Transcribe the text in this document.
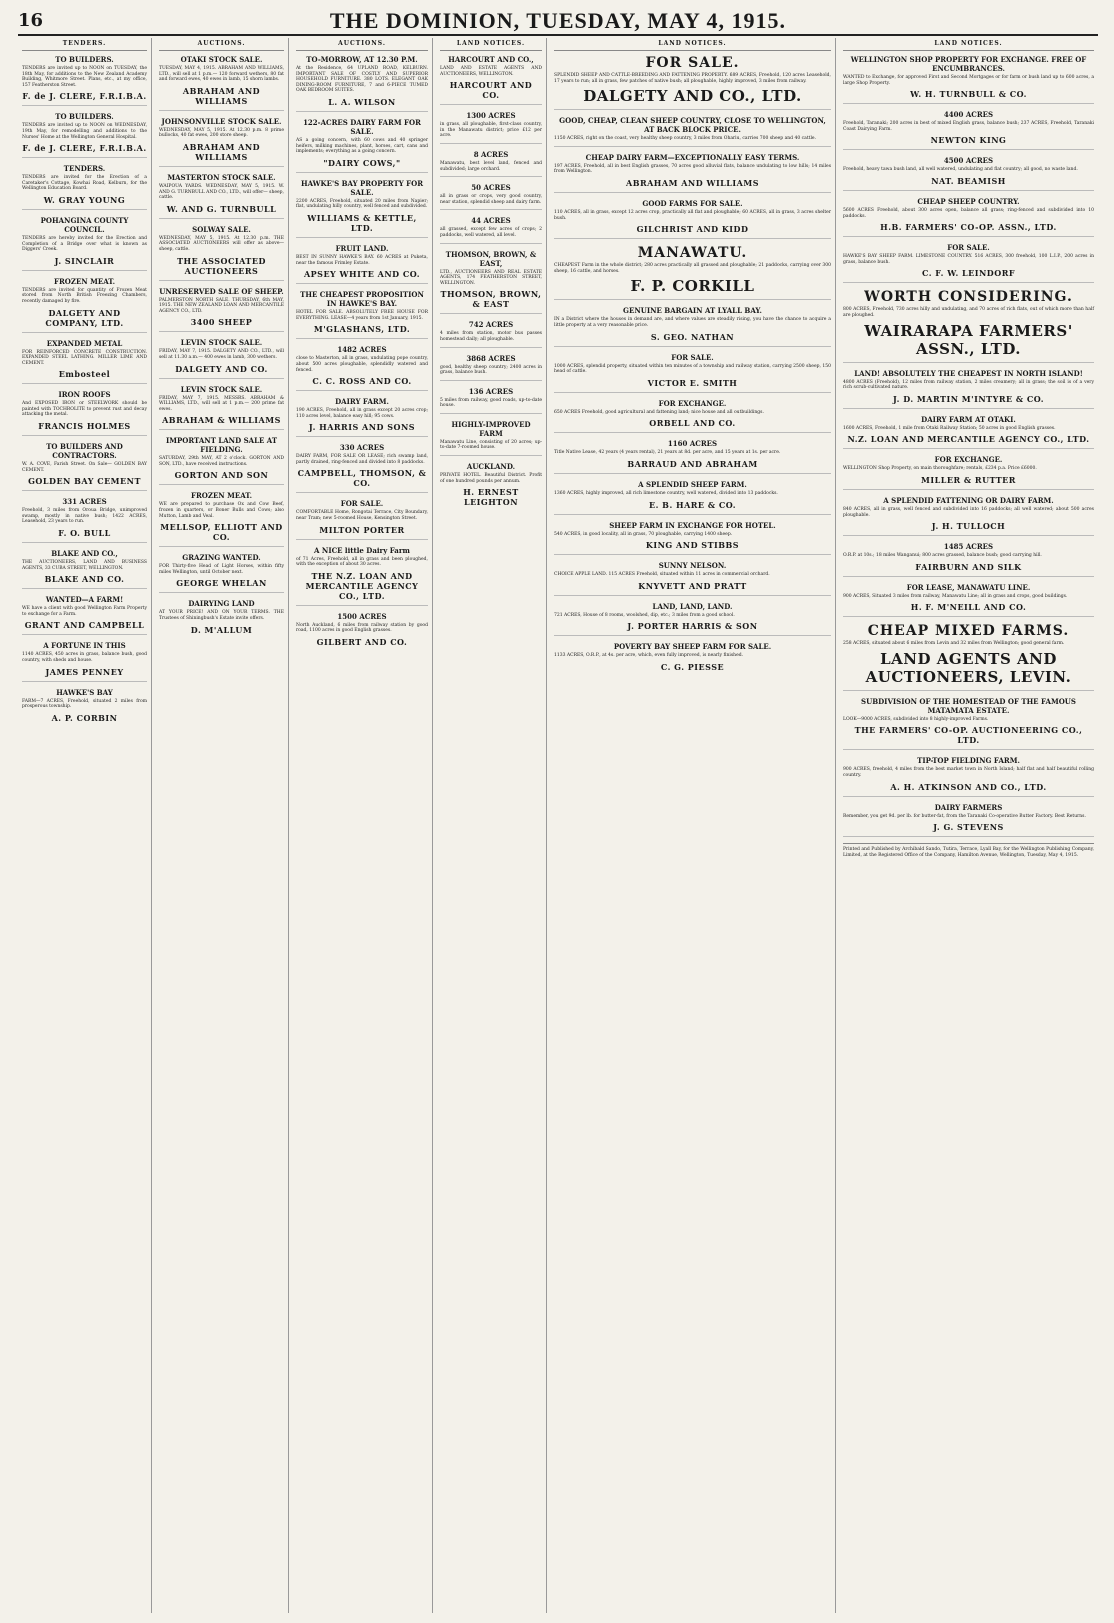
16	THE DOMINION, TUESDAY, MAY 4, 1915.
TENDERS.
TO BUILDERS.
TENDERS are invited up to NOON on TUESDAY, the 18th May, for additions to the New Zealand Academy Building, Whitmore Street. Plans, etc., at my office, 157 Featherston Street.
F. de J. CLERE, F.R.I.B.A.
TO BUILDERS.
TENDERS are invited up to NOON on WEDNESDAY, 19th May, for remodelling and additions to the Nurses' Home at the Wellington General Hospital.
F. de J. CLERE, F.R.I.B.A.
TENDERS.
TENDERS are invited for the Erection of a Caretaker's Cottage, Kowhai Road, Kelburn, for the Wellington Education Board.
W. GRAY YOUNG
POHANGINA COUNTY COUNCIL.
TENDERS are hereby invited for the Erection and Completion of a Bridge over what is known as Diggers' Creek.
J. SINCLAIR
FROZEN MEAT.
TENDERS are invited for quantity of Frozen Meat stored from North British Freezing Chambers, recently damaged by fire.
DALGETY AND COMPANY, LTD.
EXPANDED METAL
FOR REINFORCED CONCRETE CONSTRUCTION. EXPANDED STEEL LATHING. MILLER LIME AND CEMENT.
Embosteel
IRON ROOFS
And EXPOSED IRON or STEELWORK should be painted with TOCHROLITE to prevent rust and decay attacking the metal.
FRANCIS HOLMES
TO BUILDERS AND CONTRACTORS.
W. A. COVE, Farish Street. On Sale— GOLDEN BAY CEMENT.
GOLDEN BAY CEMENT
331 ACRES
Freehold, 3 miles from Oroua Bridge, unimproved swamp, mostly in native bush; 1422 ACRES, Leasehold, 23 years to run.
F. O. BULL
BLAKE AND CO.,
THE AUCTIONEERS, LAND AND BUSINESS AGENTS, 33 CUBA STREET, WELLINGTON.
BLAKE AND CO.
WANTED—A FARM!
WE have a client with good Wellington Farm Property to exchange for a Farm.
GRANT AND CAMPBELL
A FORTUNE IN THIS
1140 ACRES, 450 acres in grass, balance bush, good country, with sheds and house.
JAMES PENNEY
HAWKE'S BAY
FARM—7 ACRES, Freehold, situated 2 miles from prosperous township.
A. P. CORBIN
AUCTIONS.
OTAKI STOCK SALE.
TUESDAY, MAY 4, 1915. ABRAHAM AND WILLIAMS, LTD., will sell at 1 p.m.— 120 forward wethers, 80 fat and forward ewes, 40 ewes in lamb, 15 shorn lambs.
ABRAHAM AND WILLIAMS
JOHNSONVILLE STOCK SALE.
WEDNESDAY, MAY 5, 1915. At 12.30 p.m. 8 prime bullocks, 40 fat ewes, 200 store sheep.
ABRAHAM AND WILLIAMS
MASTERTON STOCK SALE.
WAIPOUA YARDS. WEDNESDAY, MAY 5, 1915. W. AND G. TURNBULL AND CO., LTD., will offer— sheep, cattle.
W. AND G. TURNBULL
SOLWAY SALE.
WEDNESDAY, MAY 5, 1915. At 12.30 p.m. THE ASSOCIATED AUCTIONEERS will offer as above— sheep, cattle.
THE ASSOCIATED AUCTIONEERS
UNRESERVED SALE OF SHEEP.
PALMERSTON NORTH SALE. THURSDAY, 6th MAY, 1915. THE NEW ZEALAND LOAN AND MERCANTILE AGENCY CO., LTD.
3400 SHEEP
LEVIN STOCK SALE.
FRIDAY, MAY 7, 1915. DALGETY AND CO., LTD., will sell at 11.30 a.m.— 400 ewes in lamb, 300 wethers.
DALGETY AND CO.
LEVIN STOCK SALE.
FRIDAY, MAY 7, 1915. MESSRS. ABRAHAM & WILLIAMS, LTD., will sell at 1 p.m.— 200 prime fat ewes.
ABRAHAM & WILLIAMS
IMPORTANT LAND SALE AT FIELDING.
SATURDAY, 29th MAY, AT 2 o'clock. GORTON AND SON, LTD., have received instructions.
GORTON AND SON
FROZEN MEAT.
WE are prepared to purchase Ox and Cow Beef, frozen in quarters, or Boner Bulls and Cows; also Mutton, Lamb and Veal.
MELLSOP, ELLIOTT AND CO.
GRAZING WANTED.
FOR Thirty-five Head of Light Horses, within fifty miles Wellington, until October next.
GEORGE WHELAN
DAIRYING LAND
AT YOUR PRICE! AND ON YOUR TERMS. THE Trustees of Shiningbush's Estate invite offers.
D. M'ALLUM
AUCTIONS.
TO-MORROW, AT 12.30 P.M.
At the Residence, 64 UPLAND ROAD, KELBURN. IMPORTANT SALE OF COSTLY AND SUPERIOR HOUSEHOLD FURNITURE. 380 LOTS. ELEGANT OAK DINING-ROOM FURNITURE, 7 and 6-PIECE TUMED OAK BEDROOM SUITES.
L. A. WILSON
122-ACRES DAIRY FARM FOR SALE.
AS a going concern, with 60 cows and 40 springer heifers, milking machines, plant, horses, cart, cans and implements; everything as a going concern.
"DAIRY COWS,"
HAWKE'S BAY PROPERTY FOR SALE.
2200 ACRES, Freehold, situated 20 miles from Napier; flat, undulating hilly country, well fenced and subdivided.
WILLIAMS & KETTLE, LTD.
FRUIT LAND.
BEST IN SUNNY HAWKE'S BAY. 60 ACRES at Puketa, near the famous Frimley Estate.
APSEY WHITE AND CO.
THE CHEAPEST PROPOSITION IN HAWKE'S BAY.
HOTEL FOR SALE. ABSOLUTELY FREE HOUSE FOR EVERYTHING. LEASE—4 years from 1st January, 1915.
M'GLASHANS, LTD.
1482 ACRES
close to Masterton, all in grass, undulating pope country, about 500 acres ploughable, splendidly watered and fenced.
C. C. ROSS AND CO.
DAIRY FARM.
190 ACRES, Freehold, all in grass except 20 acres crop; 110 acres level, balance easy hill; 95 cows.
J. HARRIS AND SONS
330 ACRES
DAIRY FARM, FOR SALE OR LEASE; rich swamp land, partly drained, ring-fenced and divided into 8 paddocks.
CAMPBELL, THOMSON, & CO.
FOR SALE.
COMFORTABLE Home, Rongotai Terrace, City Boundary, near Tram; new 5-roomed House, Kensington Street.
MILTON PORTER
A NICE little Dairy Farm
of 71 Acres, Freehold, all in grass and been ploughed, with the exception of about 30 acres.
THE N.Z. LOAN AND MERCANTILE AGENCY CO., LTD.
1500 ACRES
North Auckland, 6 miles from railway station by good road, 1100 acres in good English grasses.
GILBERT AND CO.
LAND NOTICES.
HARCOURT AND CO.,
LAND AND ESTATE AGENTS AND AUCTIONEERS, WELLINGTON.
HARCOURT AND CO.
1300 ACRES
in grass, all ploughable, first-class country, in the Manawatu district; price £12 per acre.
8 ACRES
Manawatu, best level land, fenced and subdivided; large orchard.
50 ACRES
all in grass or crops, very good country, near station, splendid sheep and dairy farm.
44 ACRES
all grassed, except few acres of crops; 2 paddocks, well watered, all level.
THOMSON, BROWN, & EAST,
LTD., AUCTIONEERS AND REAL ESTATE AGENTS, 174 FEATHERSTON STREET, WELLINGTON.
THOMSON, BROWN, & EAST
742 ACRES
4 miles from station, motor bus passes homestead daily; all ploughable.
3868 ACRES
good, healthy sheep country; 2400 acres in grass, balance bush.
136 ACRES
5 miles from railway, good roads, up-to-date house.
HIGHLY-IMPROVED FARM
Manawatu Line, consisting of 20 acres; up-to-date 7-roomed house.
AUCKLAND.
PRIVATE HOTEL. Beautiful District. Profit of one hundred pounds per annum.
H. ERNEST LEIGHTON
LAND NOTICES.
FOR SALE.
SPLENDID SHEEP AND CATTLE-BREEDING AND FATTENING PROPERTY. 689 ACRES, Freehold, 120 acres Leasehold, 17 years to run; all in grass, few patches of native bush; all ploughable, highly improved, 3 miles from railway.
DALGETY AND CO., LTD.
GOOD, CHEAP, CLEAN SHEEP COUNTRY, CLOSE TO WELLINGTON, AT BACK BLOCK PRICE.
1150 ACRES, right on the coast, very healthy sheep country, 3 miles from Ohariu, carries 700 sheep and 40 cattle.
CHEAP DAIRY FARM—EXCEPTIONALLY EASY TERMS.
197 ACRES, Freehold, all in best English grasses, 70 acres good alluvial flats, balance undulating to low hills; 14 miles from Wellington.
ABRAHAM AND WILLIAMS
GOOD FARMS FOR SALE.
110 ACRES, all in grass, except 12 acres crop, practically all flat and ploughable; 60 ACRES, all in grass, 3 acres shelter bush.
GILCHRIST AND KIDD
MANAWATU.
CHEAPEST Farm in the whole district; 280 acres practically all grassed and ploughable; 21 paddocks, carrying over 300 sheep, 16 cattle, and horses.
F. P. CORKILL
GENUINE BARGAIN AT LYALL BAY.
IN a District where the houses in demand are, and where values are steadily rising, you have the chance to acquire a little property at a very reasonable price.
S. GEO. NATHAN
FOR SALE.
1000 ACRES, splendid property, situated within ten minutes of a township and railway station, carrying 2500 sheep, 150 head of cattle.
VICTOR E. SMITH
FOR EXCHANGE.
650 ACRES Freehold, good agricultural and fattening land; nice house and all outbuildings.
ORBELL AND CO.
1160 ACRES
Title Native Lease, 42 years (4 years rental), 21 years at 8d. per acre, and 15 years at 1s. per acre.
BARRAUD AND ABRAHAM
A SPLENDID SHEEP FARM.
1360 ACRES, highly improved, all rich limestone country, well watered, divided into 13 paddocks.
E. B. HARE & CO.
SHEEP FARM IN EXCHANGE FOR HOTEL.
540 ACRES, in good locality, all in grass, 70 ploughable, carrying 1400 sheep.
KING AND STIBBS
SUNNY NELSON.
CHOICE APPLE LAND. 115 ACRES Freehold, situated within 11 acres in commercial orchard.
KNYVETT AND PRATT
LAND, LAND, LAND.
721 ACRES, House of 8 rooms, woolshed, dip, etc.; 3 miles from a good school.
J. PORTER HARRIS & SON
POVERTY BAY SHEEP FARM FOR SALE.
1133 ACRES, O.R.P., at 4s. per acre, which, even fully improved, is nearly finished.
C. G. PIESSE
LAND NOTICES.
WELLINGTON SHOP PROPERTY FOR EXCHANGE. FREE OF ENCUMBRANCES.
WANTED to Exchange, for approved First and Second Mortgages or for farm or bush land up to 600 acres, a large Shop Property.
W. H. TURNBULL & CO.
4400 ACRES
Freehold, Taranaki; 200 acres in best of mixed English grass, balance bush; 237 ACRES, Freehold, Taranaki Coast Dairying Farm.
NEWTON KING
4500 ACRES
Freehold, heavy tawa bush land, all well watered, undulating and flat country; all good, no waste land.
NAT. BEAMISH
CHEAP SHEEP COUNTRY.
5600 ACRES Freehold, about 300 acres open, balance all grass; ring-fenced and subdivided into 10 paddocks.
H.B. FARMERS' CO-OP. ASSN., LTD.
FOR SALE.
HAWKE'S BAY SHEEP FARM. LIMESTONE COUNTRY. 516 ACRES, 300 freehold, 100 L.I.P., 200 acres in grass, balance bush.
C. F. W. LEINDORF
WORTH CONSIDERING.
800 ACRES, Freehold, 730 acres hilly and undulating, and 70 acres of rich flats, out of which more than half are ploughed.
WAIRARAPA FARMERS' ASSN., LTD.
LAND! ABSOLUTELY THE CHEAPEST IN NORTH ISLAND!
4800 ACRES (Freehold), 12 miles from railway station, 2 miles creamery; all in grass; the soil is of a very rich scrub-cultivated nature.
J. D. MARTIN M'INTYRE & CO.
DAIRY FARM AT OTAKI.
1600 ACRES, Freehold, 1 mile from Otaki Railway Station; 50 acres in good English grasses.
N.Z. LOAN AND MERCANTILE AGENCY CO., LTD.
FOR EXCHANGE.
WELLINGTON Shop Property, on main thoroughfare; rentals, £234 p.a. Price £6000.
MILLER & RUTTER
A SPLENDID FATTENING OR DAIRY FARM.
840 ACRES, all in grass, well fenced and subdivided into 16 paddocks; all well watered; about 500 acres ploughable.
J. H. TULLOCH
1485 ACRES
O.R.P. at 10s.; 18 miles Wanganui; 800 acres grassed, balance bush; good carrying hill.
FAIRBURN AND SILK
FOR LEASE, MANAWATU LINE.
900 ACRES, Situated 3 miles from railway, Manawatu Line; all in grass and crops, good buildings.
H. F. M'NEILL AND CO.
CHEAP MIXED FARMS.
258 ACRES, situated about 6 miles from Levin and 32 miles from Wellington; good general farm.
LAND AGENTS AND AUCTIONEERS, LEVIN.
SUBDIVISION OF THE HOMESTEAD OF THE FAMOUS MATAMATA ESTATE.
LOOK—9000 ACRES, subdivided into 8 highly-improved Farms.
THE FARMERS' CO-OP. AUCTIONEERING CO., LTD.
TIP-TOP FIELDING FARM.
900 ACRES, freehold, 4 miles from the best market town in North Island; half flat and half beautiful rolling country.
A. H. ATKINSON AND CO., LTD.
DAIRY FARMERS
Remember, you get 9d. per lb. for butter-fat, from the Taranaki Co-operative Butter Factory. Best Returns.
J. G. STEVENS
Printed and Published by Archibald Sando, Tutira, Terrace, Lyall Bay, for the Wellington Publishing Company, Limited, at the Registered Office of the Company, Hamilton Avenue, Wellington, Tuesday, May 4, 1915.
